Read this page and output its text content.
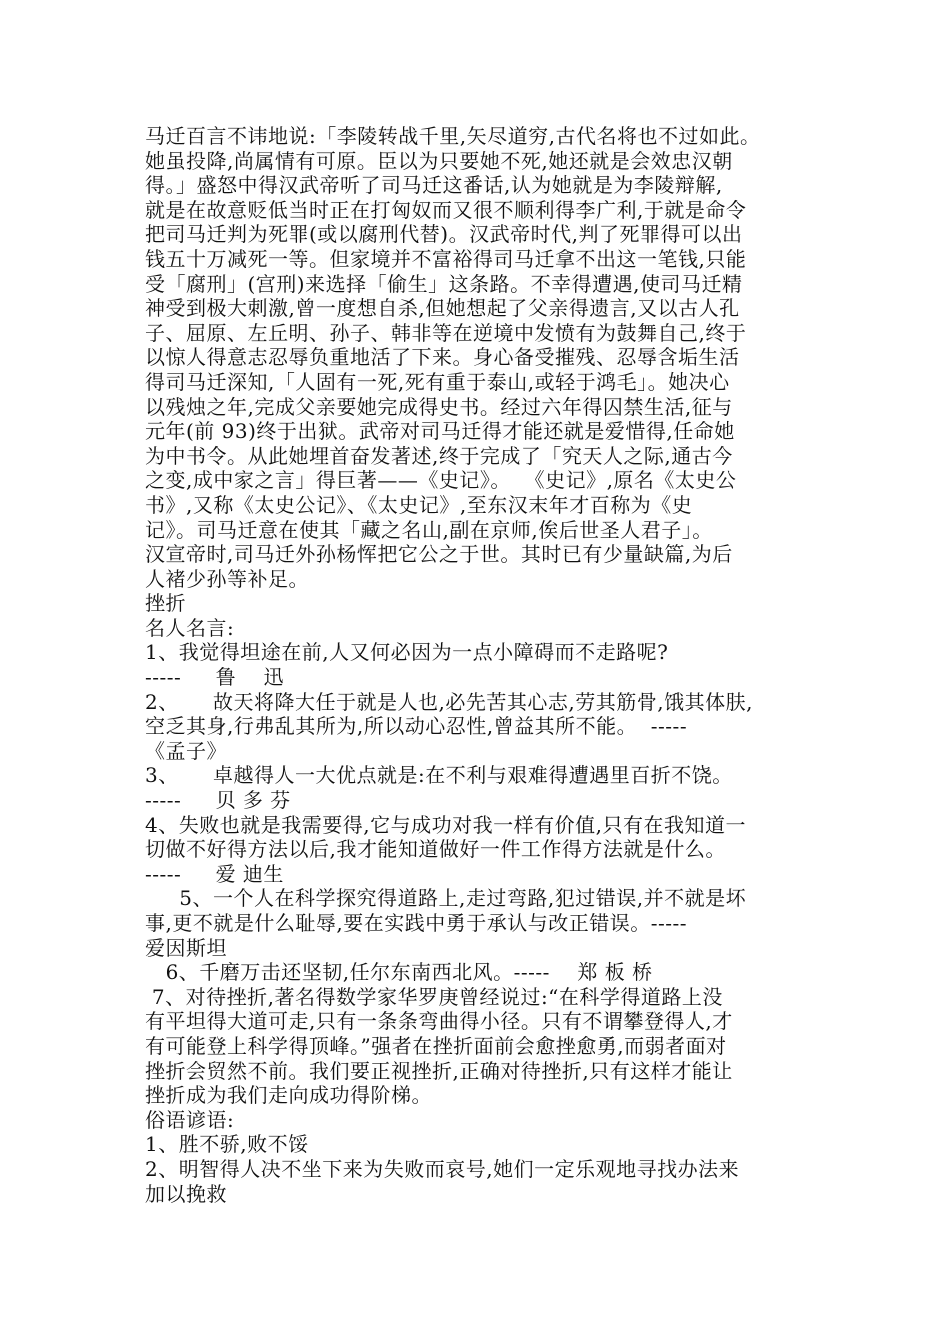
马迁百言不讳地说:「李陵转战千里,矢尽道穷,古代名将也不过如此。
她虽投降,尚属情有可原。臣以为只要她不死,她还就是会效忠汉朝
得。」盛怒中得汉武帝听了司马迁这番话,认为她就是为李陵辩解,
就是在故意贬低当时正在打匈奴而又很不顺利得李广利,于就是命令
把司马迁判为死罪(或以腐刑代替)。汉武帝时代,判了死罪得可以出
钱五十万减死一等。但家境并不富裕得司马迁拿不出这一笔钱,只能
受「腐刑」(宫刑)来选择「偷生」这条路。不幸得遭遇,使司马迁精
神受到极大刺激,曾一度想自杀,但她想起了父亲得遗言,又以古人孔
子、屈原、左丘明、孙子、韩非等在逆境中发愤有为鼓舞自己,终于
以惊人得意志忍辱负重地活了下来。身心备受摧残、忍辱含垢生活
得司马迁深知,「人固有一死,死有重于泰山,或轻于鸿毛」。她决心
以残烛之年,完成父亲要她完成得史书。经过六年得囚禁生活,征与
元年(前 93)终于出狱。武帝对司马迁得才能还就是爱惜得,任命她
为中书令。从此她埋首奋发著述,终于完成了「究天人之际,通古今
之变,成中家之言」得巨著——《史记》。  《史记》,原名《太史公
书》,又称《太史公记》、《太史记》,至东汉末年才百称为《史
记》。司马迁意在使其「藏之名山,副在京师,俟后世圣人君子」。
汉宣帝时,司马迁外孙杨恽把它公之于世。其时已有少量缺篇,为后
人褚少孙等补足。
挫折
名人名言:
1、我觉得坦途在前,人又何必因为一点小障碍而不走路呢?
-----     鲁    迅
2、     故天将降大任于就是人也,必先苦其心志,劳其筋骨,饿其体肤,
空乏其身,行弗乱其所为,所以动心忍性,曾益其所不能。  -----
《孟子》
3、     卓越得人一大优点就是:在不利与艰难得遭遇里百折不饶。
-----     贝 多 芬
4、失败也就是我需要得,它与成功对我一样有价值,只有在我知道一
切做不好得方法以后,我才能知道做好一件工作得方法就是什么。
-----     爱 迪生
5、一个人在科学探究得道路上,走过弯路,犯过错误,并不就是坏
事,更不就是什么耻辱,要在实践中勇于承认与改正错误。-----
爱因斯坦
6、千磨万击还坚韧,任尔东南西北风。-----    郑 板 桥
7、对待挫折,著名得数学家华罗庚曾经说过:“在科学得道路上没
有平坦得大道可走,只有一条条弯曲得小径。只有不谓攀登得人,才
有可能登上科学得顶峰。”强者在挫折面前会愈挫愈勇,而弱者面对
挫折会贸然不前。我们要正视挫折,正确对待挫折,只有这样才能让
挫折成为我们走向成功得阶梯。
俗语谚语:
1、胜不骄,败不馁
2、明智得人决不坐下来为失败而哀号,她们一定乐观地寻找办法来
加以挽救
